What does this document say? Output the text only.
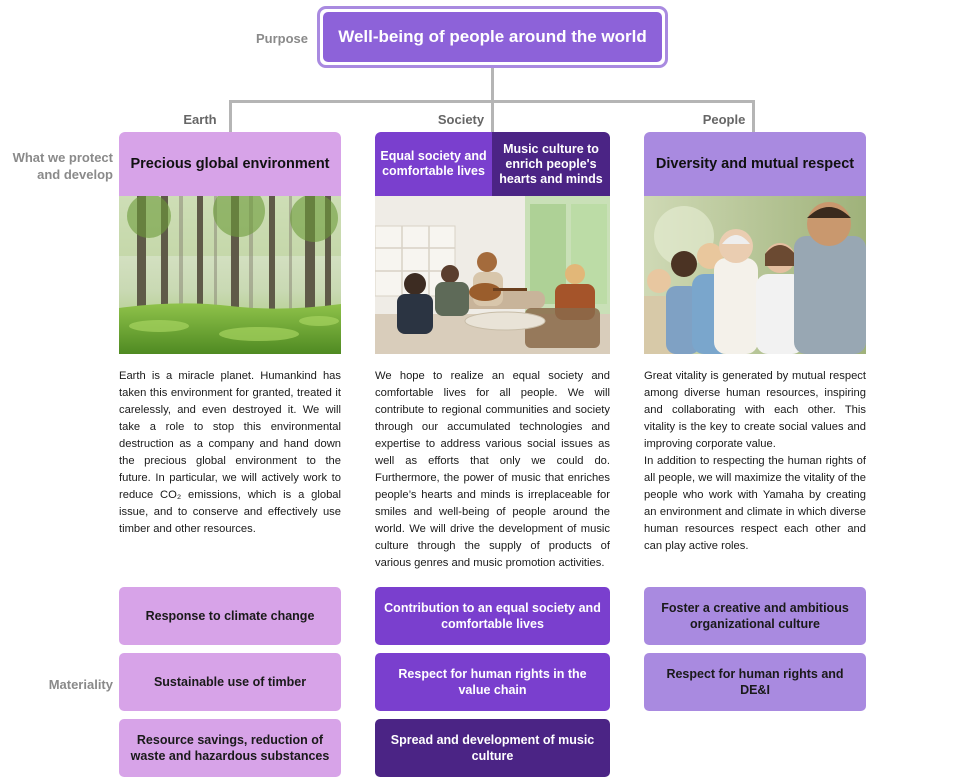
Purpose
What we protect
and develop
Materiality
Well-being of people around the world
Earth	Society	People
Precious global environment	Equal society and comfortable lives
Music culture to enrich people's hearts and minds
Diversity and mutual respect
Earth is a miracle planet. Humankind has taken this environment for granted, treated it carelessly, and even destroyed it. We will take a role to stop this environmental destruction as a company and hand down the precious global environment to the future. In particular, we will actively work to reduce CO₂ emissions, which is a global issue, and to conserve and effectively use timber and other resources.
We hope to realize an equal society and comfortable lives for all people. We will contribute to regional communities and society through our accumulated technologies and expertise to address various social issues as well as efforts that only we could do. Furthermore, the power of music that enriches people’s hearts and minds is irreplaceable for smiles and well-being of people around the world. We will drive the development of music culture through the supply of products of various genres and music promotion activities.
Great vitality is generated by mutual respect among diverse human resources, inspiring and collaborating with each other. This vitality is the key to create social values and improving corporate value.
In addition to respecting the human rights of all people, we will maximize the vitality of the people who work with Yamaha by creating an environment and climate in which diverse human resources respect each other and can play active roles.
Response to climate change
Sustainable use of timber
Resource savings, reduction of waste and hazardous substances
Contribution to an equal society and comfortable lives
Respect for human rights in the value chain
Spread and development of music culture
Foster a creative and ambitious organizational culture
Respect for human rights and DE&I
